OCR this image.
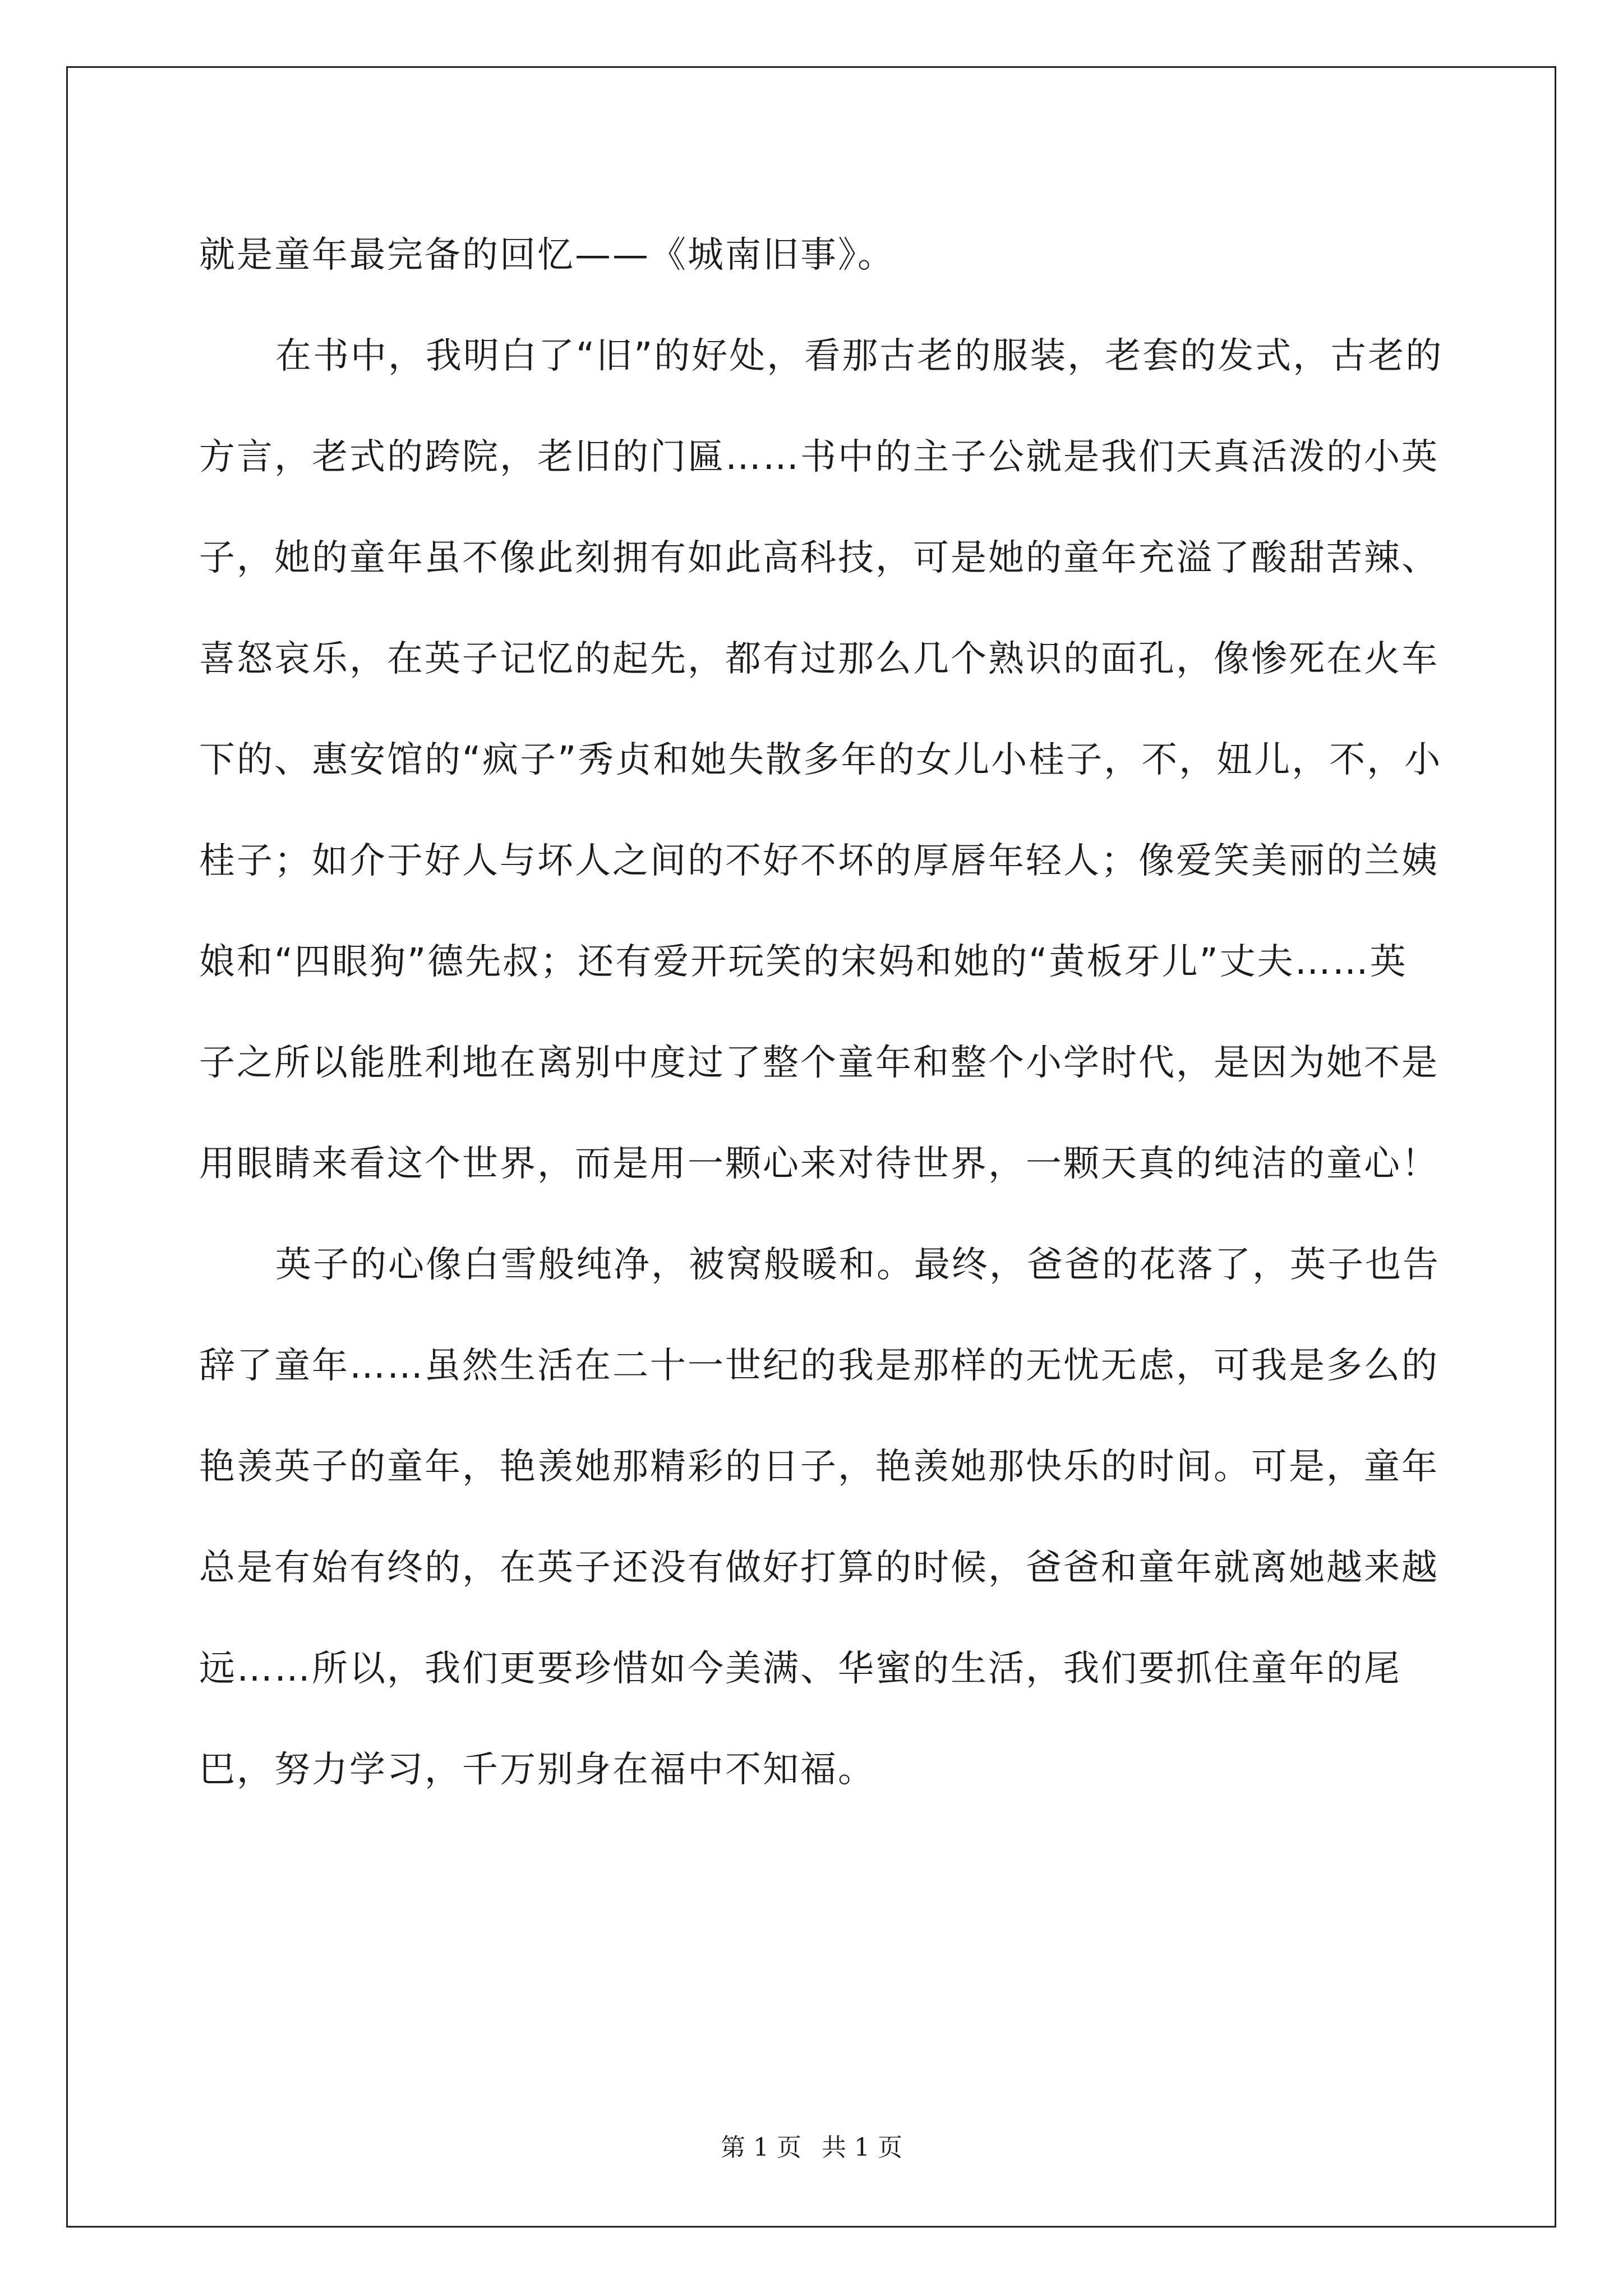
就是童年最完备的回忆——《城南旧事》。

在书中，我明白了“旧”的好处，看那古老的服装，老套的发式，古老的方言，老式的跨院，老旧的门匾……书中的主子公就是我们天真活泼的小英子，她的童年虽不像此刻拥有如此高科技，可是她的童年充溢了酸甜苦辣、喜怒哀乐，在英子记忆的起先，都有过那么几个熟识的面孔，像惨死在火车下的、惠安馆的“疯子”秀贞和她失散多年的女儿小桂子，不，妞儿，不，小桂子；如介于好人与坏人之间的不好不坏的厚唇年轻人；像爱笑美丽的兰姨娘和“四眼狗”德先叔；还有爱开玩笑的宋妈和她的“黄板牙儿”丈夫……英子之所以能胜利地在离别中度过了整个童年和整个小学时代，是因为她不是用眼睛来看这个世界，而是用一颗心来对待世界，一颗天真的纯洁的童心！

英子的心像白雪般纯净，被窝般暖和。最终，爸爸的花落了，英子也告辞了童年……虽然生活在二十一世纪的我是那样的无忧无虑，可我是多么的艳羡英子的童年，艳羡她那精彩的日子，艳羡她那快乐的时间。可是，童年总是有始有终的，在英子还没有做好打算的时候，爸爸和童年就离她越来越远……所以，我们更要珍惜如今美满、华蜜的生活，我们要抓住童年的尾巴，努力学习，千万别身在福中不知福。

第 1 页 共 1 页
